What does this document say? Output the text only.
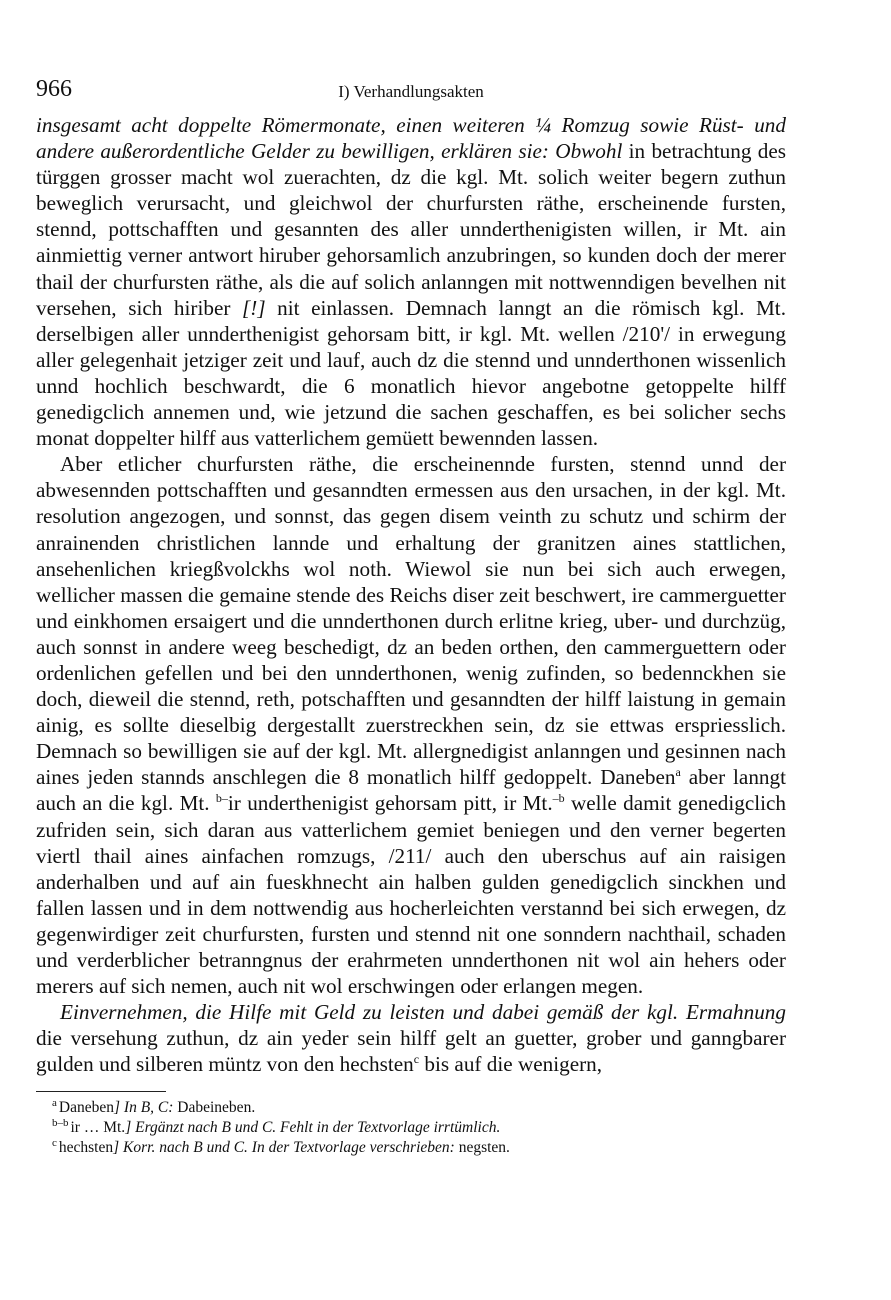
966	I) Verhandlungsakten

insgesamt acht doppelte Römermonate, einen weiteren ¼ Romzug sowie Rüst- und andere außerordentliche Gelder zu bewilligen, erklären sie: Obwohl in betrachtung des türggen grosser macht wol zuerachten, dz die kgl. Mt. solich weiter begern zuthun beweglich verursacht, und gleichwol der churfursten räthe, erscheinende fursten, stennd, pottschafften und gesannten des aller unnderthenigisten willen, ir Mt. ain ainmiettig verner antwort hiruber gehorsamlich anzubringen, so kunden doch der merer thail der churfursten räthe, als die auf solich anlanngen mit nottwenndigen bevelhen nit versehen, sich hiriber [!] nit einlassen. Demnach lanngt an die römisch kgl. Mt. derselbigen aller unnderthenigist gehorsam bitt, ir kgl. Mt. wellen /210'/ in erwegung aller gelegenhait jetziger zeit und lauf, auch dz die stennd und unnderthonen wissenlich unnd hochlich beschwardt, die 6 monatlich hievor angebotne getoppelte hilff genedigclich annemen und, wie jetzund die sachen geschaffen, es bei solicher sechs monat doppelter hilff aus vatterlichem gemüett bewennden lassen.

Aber etlicher churfursten räthe, die erscheinennde fursten, stennd unnd der abwesennden pottschafften und gesanndten ermessen aus den ursachen, in der kgl. Mt. resolution angezogen, und sonnst, das gegen disem veinth zu schutz und schirm der anrainenden christlichen lannde und erhaltung der granitzen aines stattlichen, ansehenlichen kriegßvolckhs wol noth. Wiewol sie nun bei sich auch erwegen, wellicher massen die gemaine stende des Reichs diser zeit beschwert, ire cammerguetter und einkhomen ersaigert und die unnderthonen durch erlitne krieg, uber- und durchzüg, auch sonnst in andere weeg beschedigt, dz an beden orthen, den cammerguettern oder ordenlichen gefellen und bei den unnderthonen, wenig zufinden, so bedennckhen sie doch, dieweil die stennd, reth, potschafften und gesanndten der hilff laistung in gemain ainig, es sollte dieselbig dergestallt zuerstreckhen sein, dz sie ettwas erspriesslich. Demnach so bewilligen sie auf der kgl. Mt. allergnedigist anlanngen und gesinnen nach aines jeden stannds anschlegen die 8 monatlich hilff gedoppelt. Daneben$^a$ aber lanngt auch an die kgl. Mt. $^{b-}$ir underthenigist gehorsam pitt, ir Mt.$^{-b}$ welle damit genedigclich zufriden sein, sich daran aus vatterlichem gemiet beniegen und den verner begerten viertl thail aines ainfachen romzugs, /211/ auch den uberschus auf ain raisigen anderhalben und auf ain fueskhnecht ain halben gulden genedigclich sinckhen und fallen lassen und in dem nottwendig aus hocherleichten verstannd bei sich erwegen, dz gegenwirdiger zeit churfursten, fursten und stennd nit one sonndern nachthail, schaden und verderblicher betranngnus der erahrmeten unnderthonen nit wol ain hehers oder merers auf sich nemen, auch nit wol erschwingen oder erlangen megen.

Einvernehmen, die Hilfe mit Geld zu leisten und dabei gemäß der kgl. Ermahnung die versehung zuthun, dz ain yeder sein hilff gelt an guetter, grober und ganngbarer gulden und silberen müntz von den hechsten$^c$ bis auf die wenigern,

$^a$ Daneben] In B, C: Dabeineben.
$^{b-b}$ ir … Mt.] Ergänzt nach B und C. Fehlt in der Textvorlage irrtümlich.
$^c$ hechsten] Korr. nach B und C. In der Textvorlage verschrieben: negsten.
